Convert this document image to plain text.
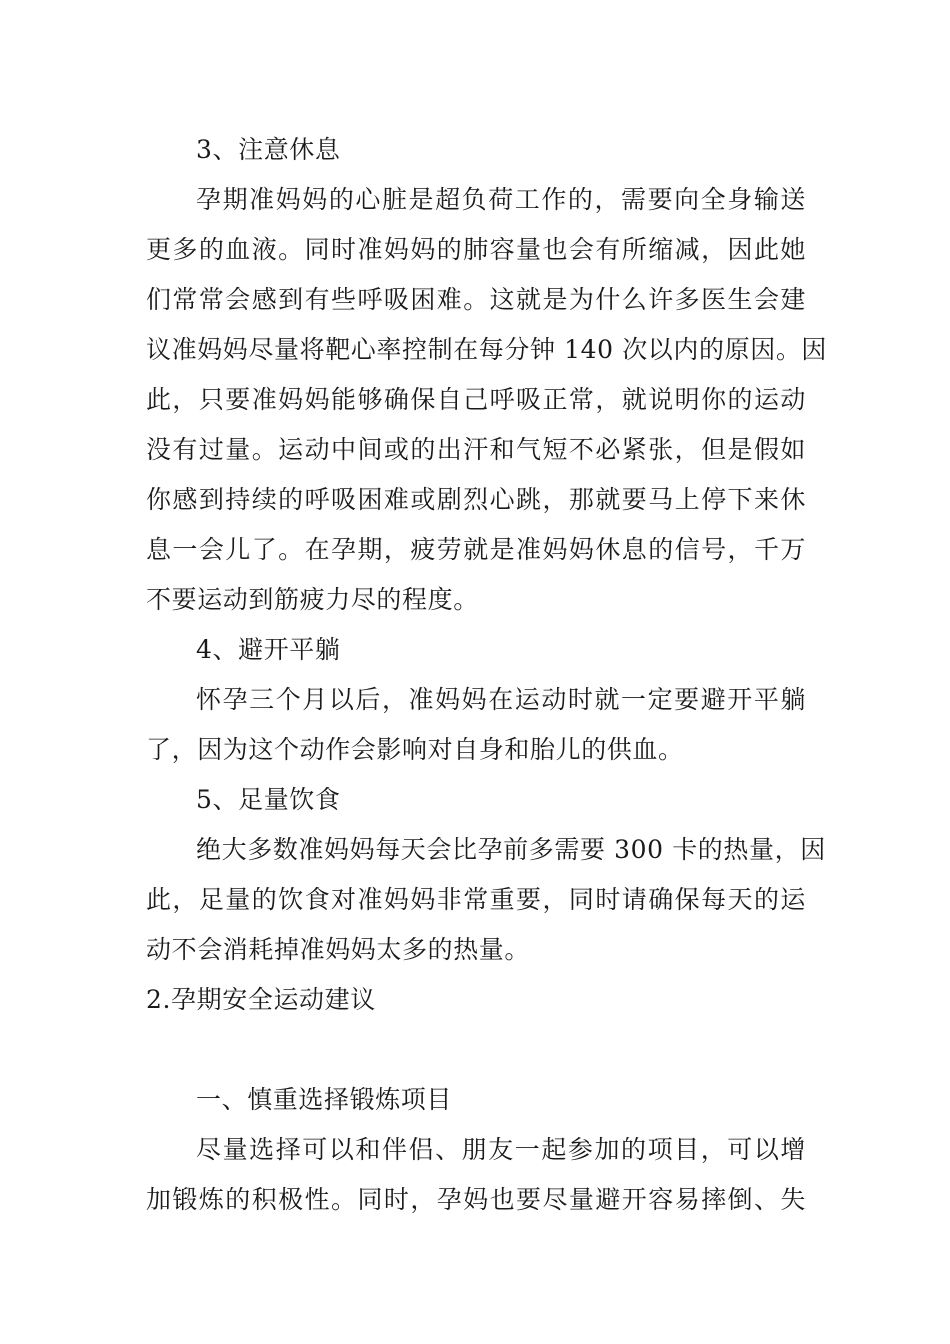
3、注意休息
孕期准妈妈的心脏是超负荷工作的，需要向全身输送
更多的血液。同时准妈妈的肺容量也会有所缩减，因此她
们常常会感到有些呼吸困难。这就是为什么许多医生会建
议准妈妈尽量将靶心率控制在每分钟 140 次以内的原因。因
此，只要准妈妈能够确保自己呼吸正常，就说明你的运动
没有过量。运动中间或的出汗和气短不必紧张，但是假如
你感到持续的呼吸困难或剧烈心跳，那就要马上停下来休
息一会儿了。在孕期，疲劳就是准妈妈休息的信号，千万
不要运动到筋疲力尽的程度。
4、避开平躺
怀孕三个月以后，准妈妈在运动时就一定要避开平躺
了，因为这个动作会影响对自身和胎儿的供血。
5、足量饮食
绝大多数准妈妈每天会比孕前多需要 300 卡的热量，因
此，足量的饮食对准妈妈非常重要，同时请确保每天的运
动不会消耗掉准妈妈太多的热量。
2.孕期安全运动建议
一、慎重选择锻炼项目
尽量选择可以和伴侣、朋友一起参加的项目，可以增
加锻炼的积极性。同时，孕妈也要尽量避开容易摔倒、失
